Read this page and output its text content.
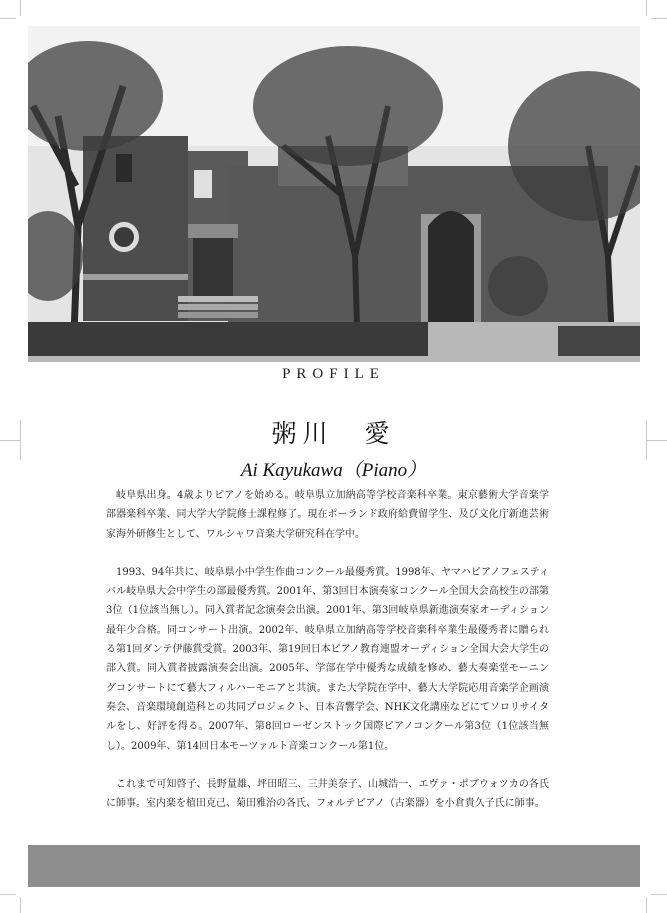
PROFILE
粥川　愛
Ai Kayukawa（Piano）

岐阜県出身。4歳よりピアノを始める。岐阜県立加納高等学校音楽科卒業。東京藝術大学音楽学部器楽科卒業、同大学大学院修士課程修了。現在ポーランド政府給費留学生、及び文化庁新進芸術家海外研修生として、ワルシャワ音楽大学研究科在学中。

1993、94年共に、岐阜県小中学生作曲コンクール最優秀賞。1998年、ヤマハピアノフェスティバル岐阜県大会中学生の部最優秀賞。2001年、第3回日本演奏家コンクール全国大会高校生の部第3位（1位該当無し）。同入賞者記念演奏会出演。2001年、第3回岐阜県新進演奏家オーディション最年少合格。同コンサート出演。2002年、岐阜県立加納高等学校音楽科卒業生最優秀者に贈られる第1回ダンテ伊藤賞受賞。2003年、第19回日本ピアノ教育連盟オーディション全国大会大学生の部入賞。同入賞者披露演奏会出演。2005年、学部在学中優秀な成績を修め、藝大奏楽堂モーニングコンサートにて藝大フィルハーモニアと共演。また大学院在学中、藝大大学院応用音楽学企画演奏会、音楽環境創造科との共同プロジェクト、日本音響学会、NHK文化講座などにてソロリサイタルをし、好評を得る。2007年、第8回ローゼンストック国際ピアノコンクール第3位（1位該当無し）。2009年、第14回日本モーツァルト音楽コンクール第1位。

これまで可知啓子、長野量雄、坪田昭三、三井美奈子、山城浩一、エヴァ・ポブウォツカの各氏に師事。室内楽を植田克己、菊田雅治の各氏、フォルテピアノ（古楽器）を小倉貴久子氏に師事。
